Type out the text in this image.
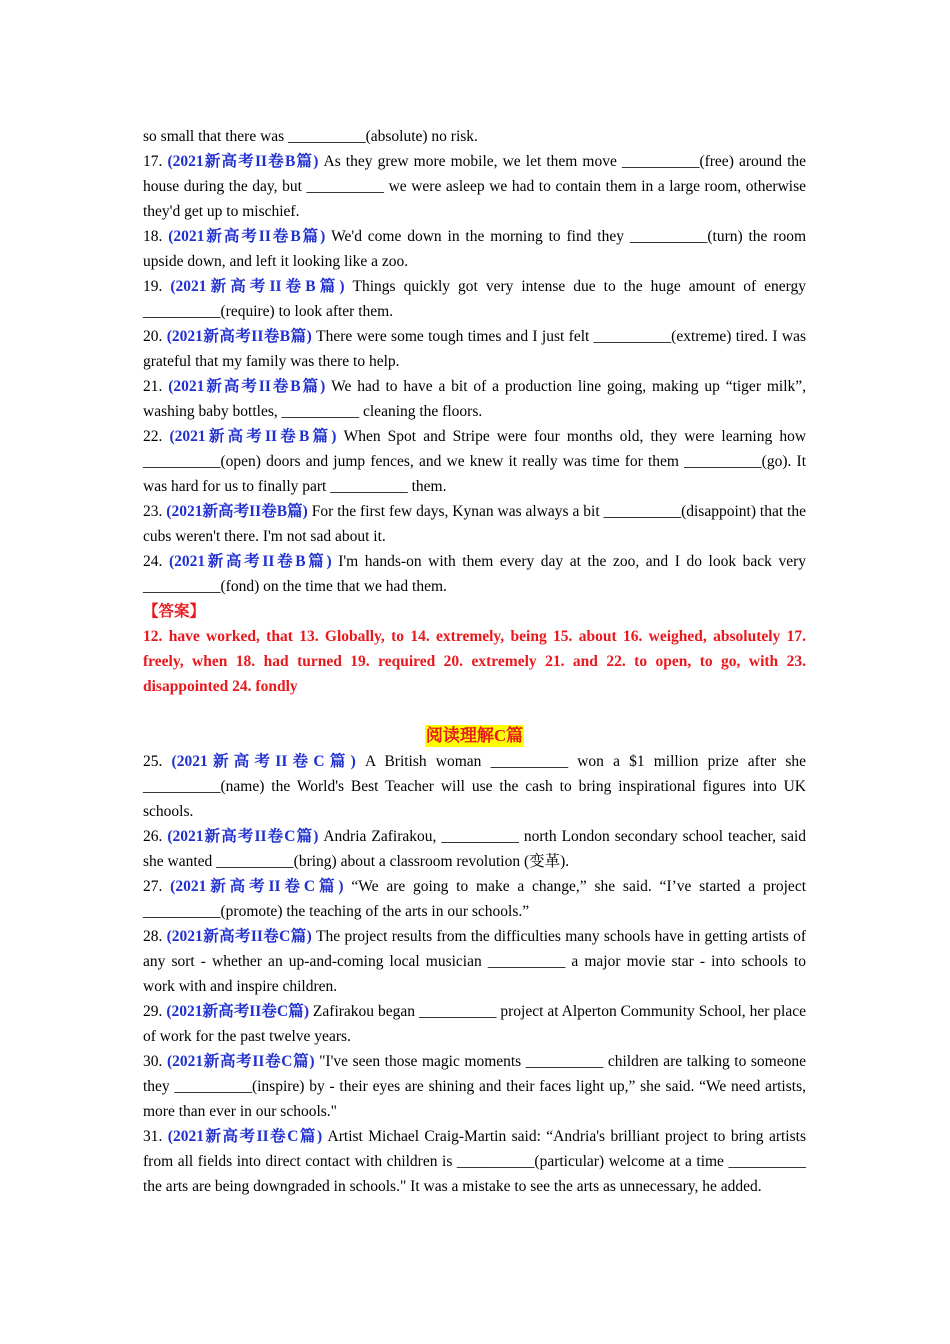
so small that there was __________(absolute) no risk.

17. (2021新高考II卷B篇) As they grew more mobile, we let them move __________(free) around the house during the day, but __________ we were asleep we had to contain them in a large room, otherwise they'd get up to mischief.

18. (2021新高考II卷B篇) We'd come down in the morning to find they __________(turn) the room upside down, and left it looking like a zoo.

19. (2021新高考II卷B篇) Things quickly got very intense due to the huge amount of energy __________(require) to look after them.

20. (2021新高考II卷B篇) There were some tough times and I just felt __________(extreme) tired. I was grateful that my family was there to help.

21. (2021新高考II卷B篇) We had to have a bit of a production line going, making up “tiger milk”, washing baby bottles, __________ cleaning the floors.

22. (2021新高考II卷B篇) When Spot and Stripe were four months old, they were learning how __________(open) doors and jump fences, and we knew it really was time for them __________(go). It was hard for us to finally part __________ them.

23. (2021新高考II卷B篇) For the first few days, Kynan was always a bit __________(disappoint) that the cubs weren't there. I'm not sad about it.

24. (2021新高考II卷B篇) I'm hands-on with them every day at the zoo, and I do look back very __________(fond) on the time that we had them.

【答案】

12. have worked, that 13. Globally, to 14. extremely, being 15. about 16. weighed, absolutely 17. freely, when 18. had turned 19. required 20. extremely 21. and 22. to open, to go, with 23. disappointed 24. fondly

阅读理解C篇

25. (2021新高考II卷C篇) A British woman __________ won a $1 million prize after she __________(name) the World's Best Teacher will use the cash to bring inspirational figures into UK schools.

26. (2021新高考II卷C篇) Andria Zafirakou, __________ north London secondary school teacher, said she wanted __________(bring) about a classroom revolution (变革).

27. (2021新高考II卷C篇) “We are going to make a change,” she said. “I’ve started a project __________(promote) the teaching of the arts in our schools.”

28. (2021新高考II卷C篇) The project results from the difficulties many schools have in getting artists of any sort - whether an up-and-coming local musician __________ a major movie star - into schools to work with and inspire children.

29. (2021新高考II卷C篇) Zafirakou began __________ project at Alperton Community School, her place of work for the past twelve years.

30. (2021新高考II卷C篇) "I've seen those magic moments __________ children are talking to someone they __________(inspire) by - their eyes are shining and their faces light up,” she said. “We need artists, more than ever in our schools."

31. (2021新高考II卷C篇) Artist Michael Craig-Martin said: “Andria's brilliant project to bring artists from all fields into direct contact with children is __________(particular) welcome at a time __________ the arts are being downgraded in schools." It was a mistake to see the arts as unnecessary, he added.
